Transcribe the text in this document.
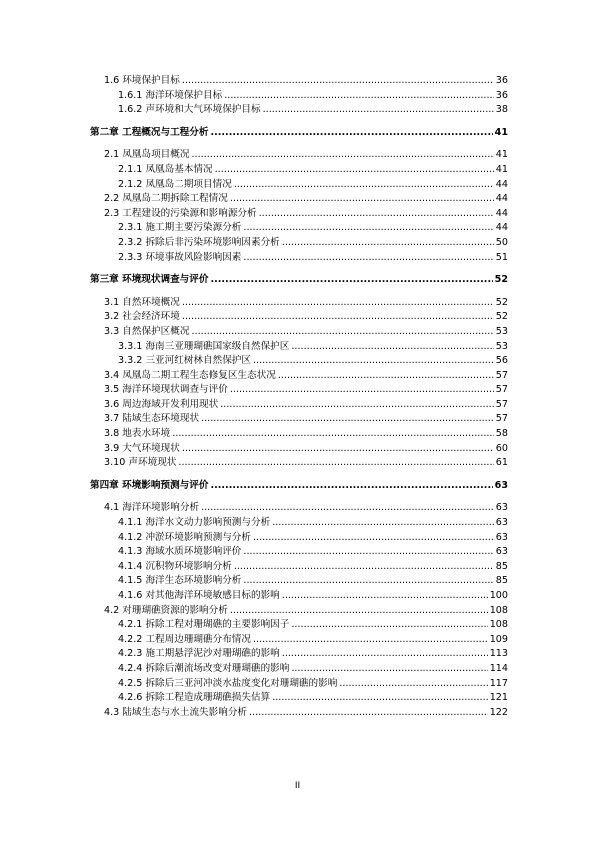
1.6 环境保护目标 .....	36
1.6.1 海洋环境保护目标 .....	36
1.6.2 声环境和大气环境保护目标 .....	38
第二章 工程概况与工程分析 .....	41
2.1 凤凰岛项目概况 .....	41
2.1.1 凤凰岛基本情况 .....	41
2.1.2 凤凰岛二期项目情况 .....	44
2.2 凤凰岛二期拆除工程情况 .....	44
2.3 工程建设的污染源和影响源分析 .....	44
2.3.1 施工期主要污染源分析 .....	44
2.3.2 拆除后非污染环境影响因素分析 .....	50
2.3.3 环境事故风险影响因素 .....	51
第三章 环境现状调查与评价 .....	52
3.1 自然环境概况 .....	52
3.2 社会经济环境 .....	52
3.3 自然保护区概况 .....	53
3.3.1 海南三亚珊瑚礁国家级自然保护区 .....	53
3.3.2 三亚河红树林自然保护区 .....	56
3.4 凤凰岛二期工程生态修复区生态状况 .....	57
3.5 海洋环境现状调查与评价 .....	57
3.6 周边海域开发利用现状 .....	57
3.7 陆域生态环境现状 .....	57
3.8 地表水环境 .....	58
3.9 大气环境现状 .....	60
3.10 声环境现状 .....	61
第四章 环境影响预测与评价 .....	63
4.1 海洋环境影响分析 .....	63
4.1.1 海洋水文动力影响预测与分析 .....	63
4.1.2 冲淤环境影响预测与分析 .....	63
4.1.3 海域水质环境影响评价 .....	63
4.1.4 沉积物环境影响分析 .....	85
4.1.5 海洋生态环境影响分析 .....	85
4.1.6 对其他海洋环境敏感目标的影响 .....	100
4.2 对珊瑚礁资源的影响分析 .....	108
4.2.1 拆除工程对珊瑚礁的主要影响因子 .....	108
4.2.2 工程周边珊瑚礁分布情况 .....	109
4.2.3 施工期悬浮泥沙对珊瑚礁的影响 .....	113
4.2.4 拆除后潮流场改变对珊瑚礁的影响 .....	114
4.2.5 拆除后三亚河冲淡水盐度变化对珊瑚礁的影响 .....	117
4.2.6 拆除工程造成珊瑚礁损失估算 .....	121
4.3 陆域生态与水土流失影响分析 .....	122
II
